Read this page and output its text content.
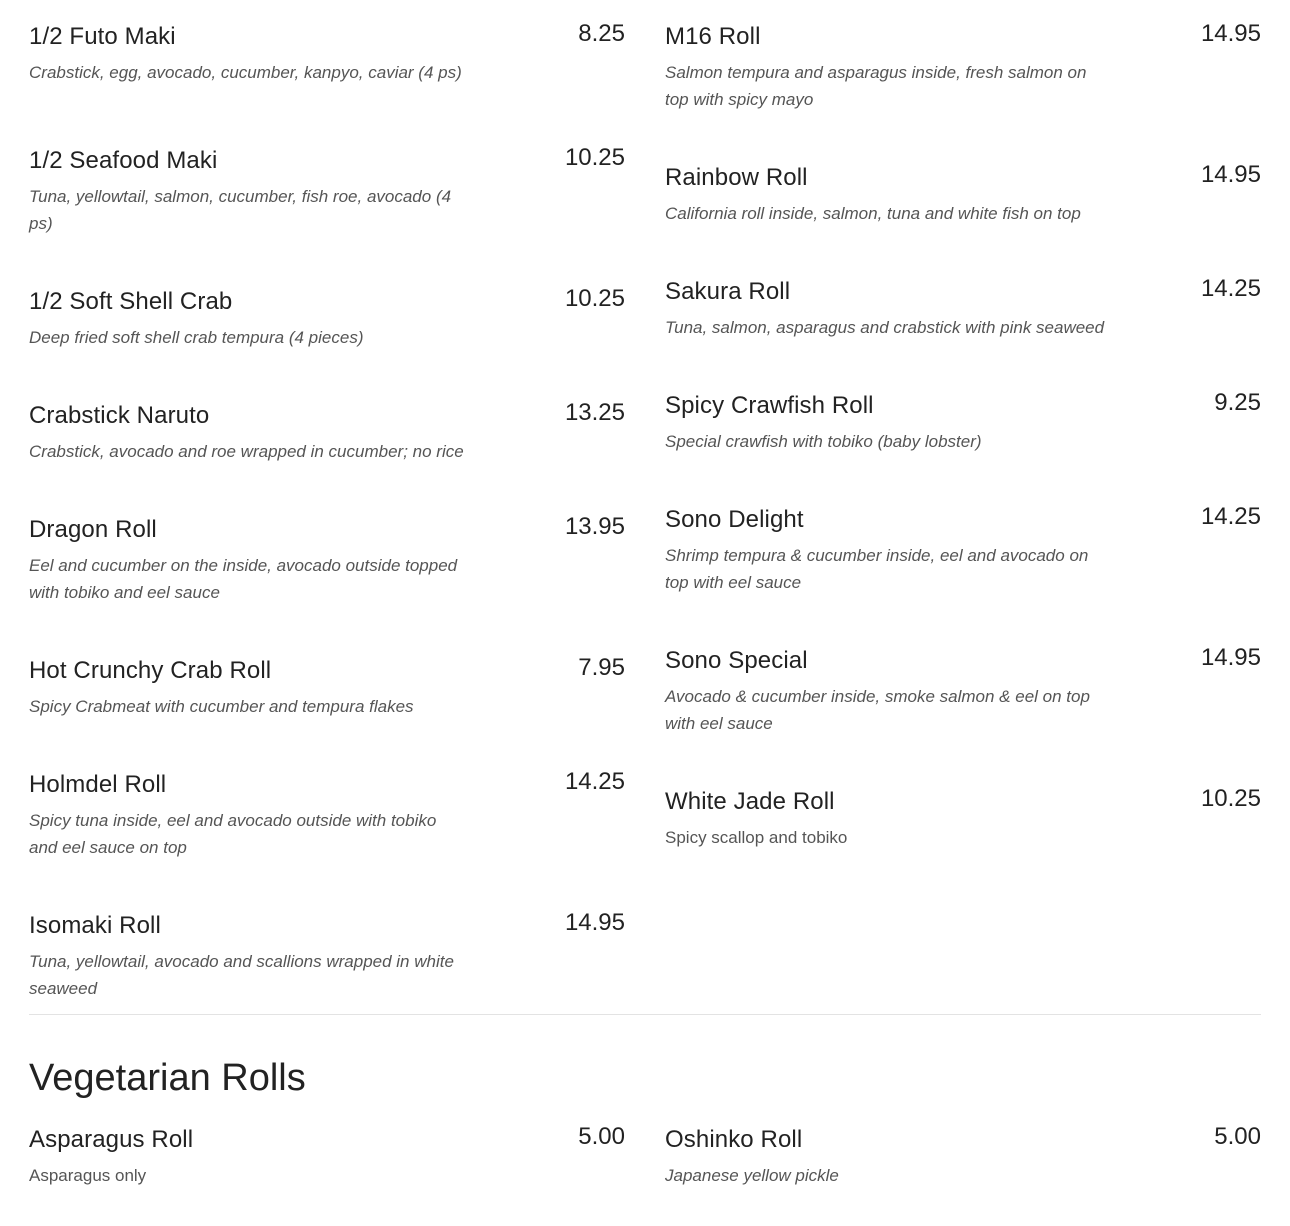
1/2 Futo Maki	8.25
Crabstick, egg, avocado, cucumber, kanpyo, caviar (4 ps)
1/2 Seafood Maki	10.25
Tuna, yellowtail, salmon, cucumber, fish roe, avocado (4 ps)
1/2 Soft Shell Crab	10.25
Deep fried soft shell crab tempura (4 pieces)
Crabstick Naruto	13.25
Crabstick, avocado and roe wrapped in cucumber; no rice
Dragon Roll	13.95
Eel and cucumber on the inside, avocado outside topped with tobiko and eel sauce
Hot Crunchy Crab Roll	7.95
Spicy Crabmeat with cucumber and tempura flakes
Holmdel Roll	14.25
Spicy tuna inside, eel and avocado outside with tobiko and eel sauce on top
Isomaki Roll	14.95
Tuna, yellowtail, avocado and scallions wrapped in white seaweed
M16 Roll	14.95
Salmon tempura and asparagus inside, fresh salmon on top with spicy mayo
Rainbow Roll	14.95
California roll inside, salmon, tuna and white fish on top
Sakura Roll	14.25
Tuna, salmon, asparagus and crabstick with pink seaweed
Spicy Crawfish Roll	9.25
Special crawfish with tobiko (baby lobster)
Sono Delight	14.25
Shrimp tempura & cucumber inside, eel and avocado on top with eel sauce
Sono Special	14.95
Avocado & cucumber inside, smoke salmon & eel on top with eel sauce
White Jade Roll	10.25
Spicy scallop and tobiko
Vegetarian Rolls
Asparagus Roll	5.00
Asparagus only
Oshinko Roll	5.00
Japanese yellow pickle
